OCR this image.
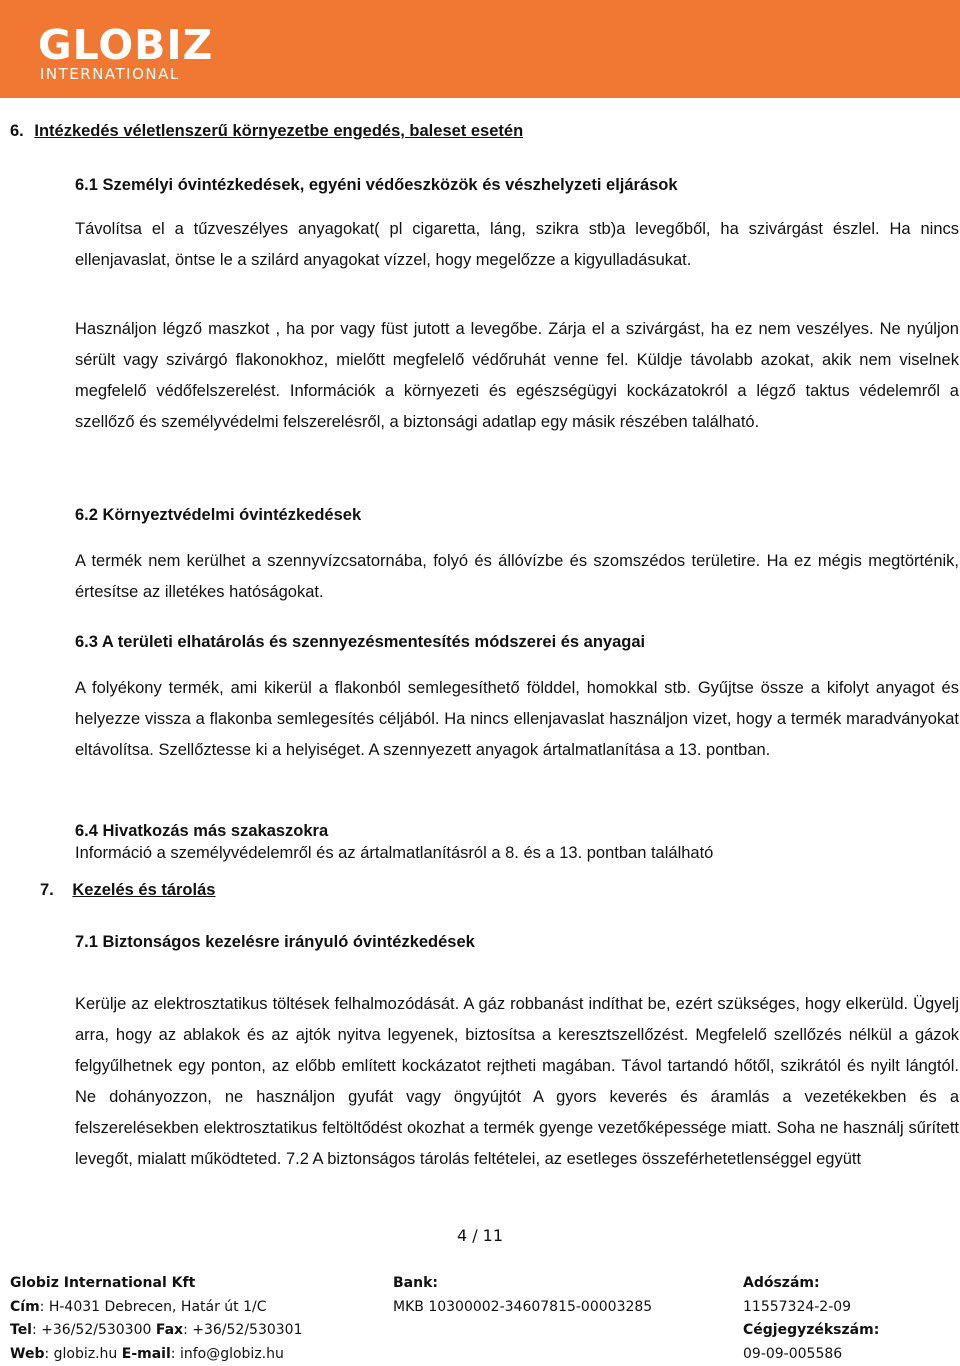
GLOBIZ
INTERNATIONAL
6. Intézkedés véletlenszerű környezetbe engedés, baleset esetén
6.1 Személyi óvintézkedések, egyéni védőeszközök és vészhelyzeti eljárások
Távolítsa el a tűzveszélyes anyagokat( pl cigaretta, láng, szikra stb)a levegőből, ha szivárgást észlel. Ha nincs ellenjavaslat, öntse le a szilárd anyagokat vízzel, hogy megelőzze a kigyulladásukat.
Használjon légző maszkot , ha por vagy füst jutott a levegőbe. Zárja el a szivárgást, ha ez nem veszélyes. Ne nyúljon sérült vagy szivárgó flakonokhoz, mielőtt megfelelő védőruhát venne fel. Küldje távolabb azokat, akik nem viselnek megfelelő védőfelszerelést. Információk a környezeti és egészségügyi kockázatokról a légző taktus védelemről a szellőző és személyvédelmi felszerelésről, a biztonsági adatlap egy másik részében található.
6.2 Környeztvédelmi óvintézkedések
A termék nem kerülhet a szennyvízcsatornába, folyó és állóvízbe és szomszédos területire. Ha ez mégis megtörténik, értesítse az illetékes hatóságokat.
6.3 A területi elhatárolás és szennyezésmentesítés módszerei és anyagai
A folyékony termék, ami kikerül a flakonból semlegesíthető földdel, homokkal stb. Gyűjtse össze a kifolyt anyagot és helyezze vissza a flakonba semlegesítés céljából. Ha nincs ellenjavaslat használjon vizet, hogy a termék maradványokat eltávolítsa. Szellőztesse ki a helyiséget. A szennyezett anyagok ártalmatlanítása a 13. pontban.
6.4 Hivatkozás más szakaszokra
Információ a személyvédelemről és az ártalmatlanításról a 8. és a 13. pontban található
7. Kezelés és tárolás
7.1 Biztonságos kezelésre irányuló óvintézkedések
Kerülje az elektrosztatikus töltések felhalmozódását. A gáz robbanást indíthat be, ezért szükséges, hogy elkerüld. Ügyelj arra, hogy az ablakok és az ajtók nyitva legyenek, biztosítsa a keresztszellőzést. Megfelelő szellőzés nélkül a gázok felgyűlhetnek egy ponton, az előbb említett kockázatot rejtheti magában. Távol tartandó hőtől, szikrától és nyilt lángtól. Ne dohányozzon, ne használjon gyufát vagy öngyújtót A gyors keverés és áramlás a vezetékekben és a felszerelésekben elektrosztatikus feltöltődést okozhat a termék gyenge vezetőképessége miatt. Soha ne használj sűrített levegőt, mialatt működteted. 7.2 A biztonságos tárolás feltételei, az esetleges összeférhetetlenséggel együtt
4 / 11
Globiz International Kft
Cím: H-4031 Debrecen, Határ út 1/C
Tel: +36/52/530300 Fax: +36/52/530301
Web: globiz.hu E-mail: info@globiz.hu
Bank:
MKB 10300002-34607815-00003285
Adószám:
11557324-2-09
Cégjegyzékszám:
09-09-005586
